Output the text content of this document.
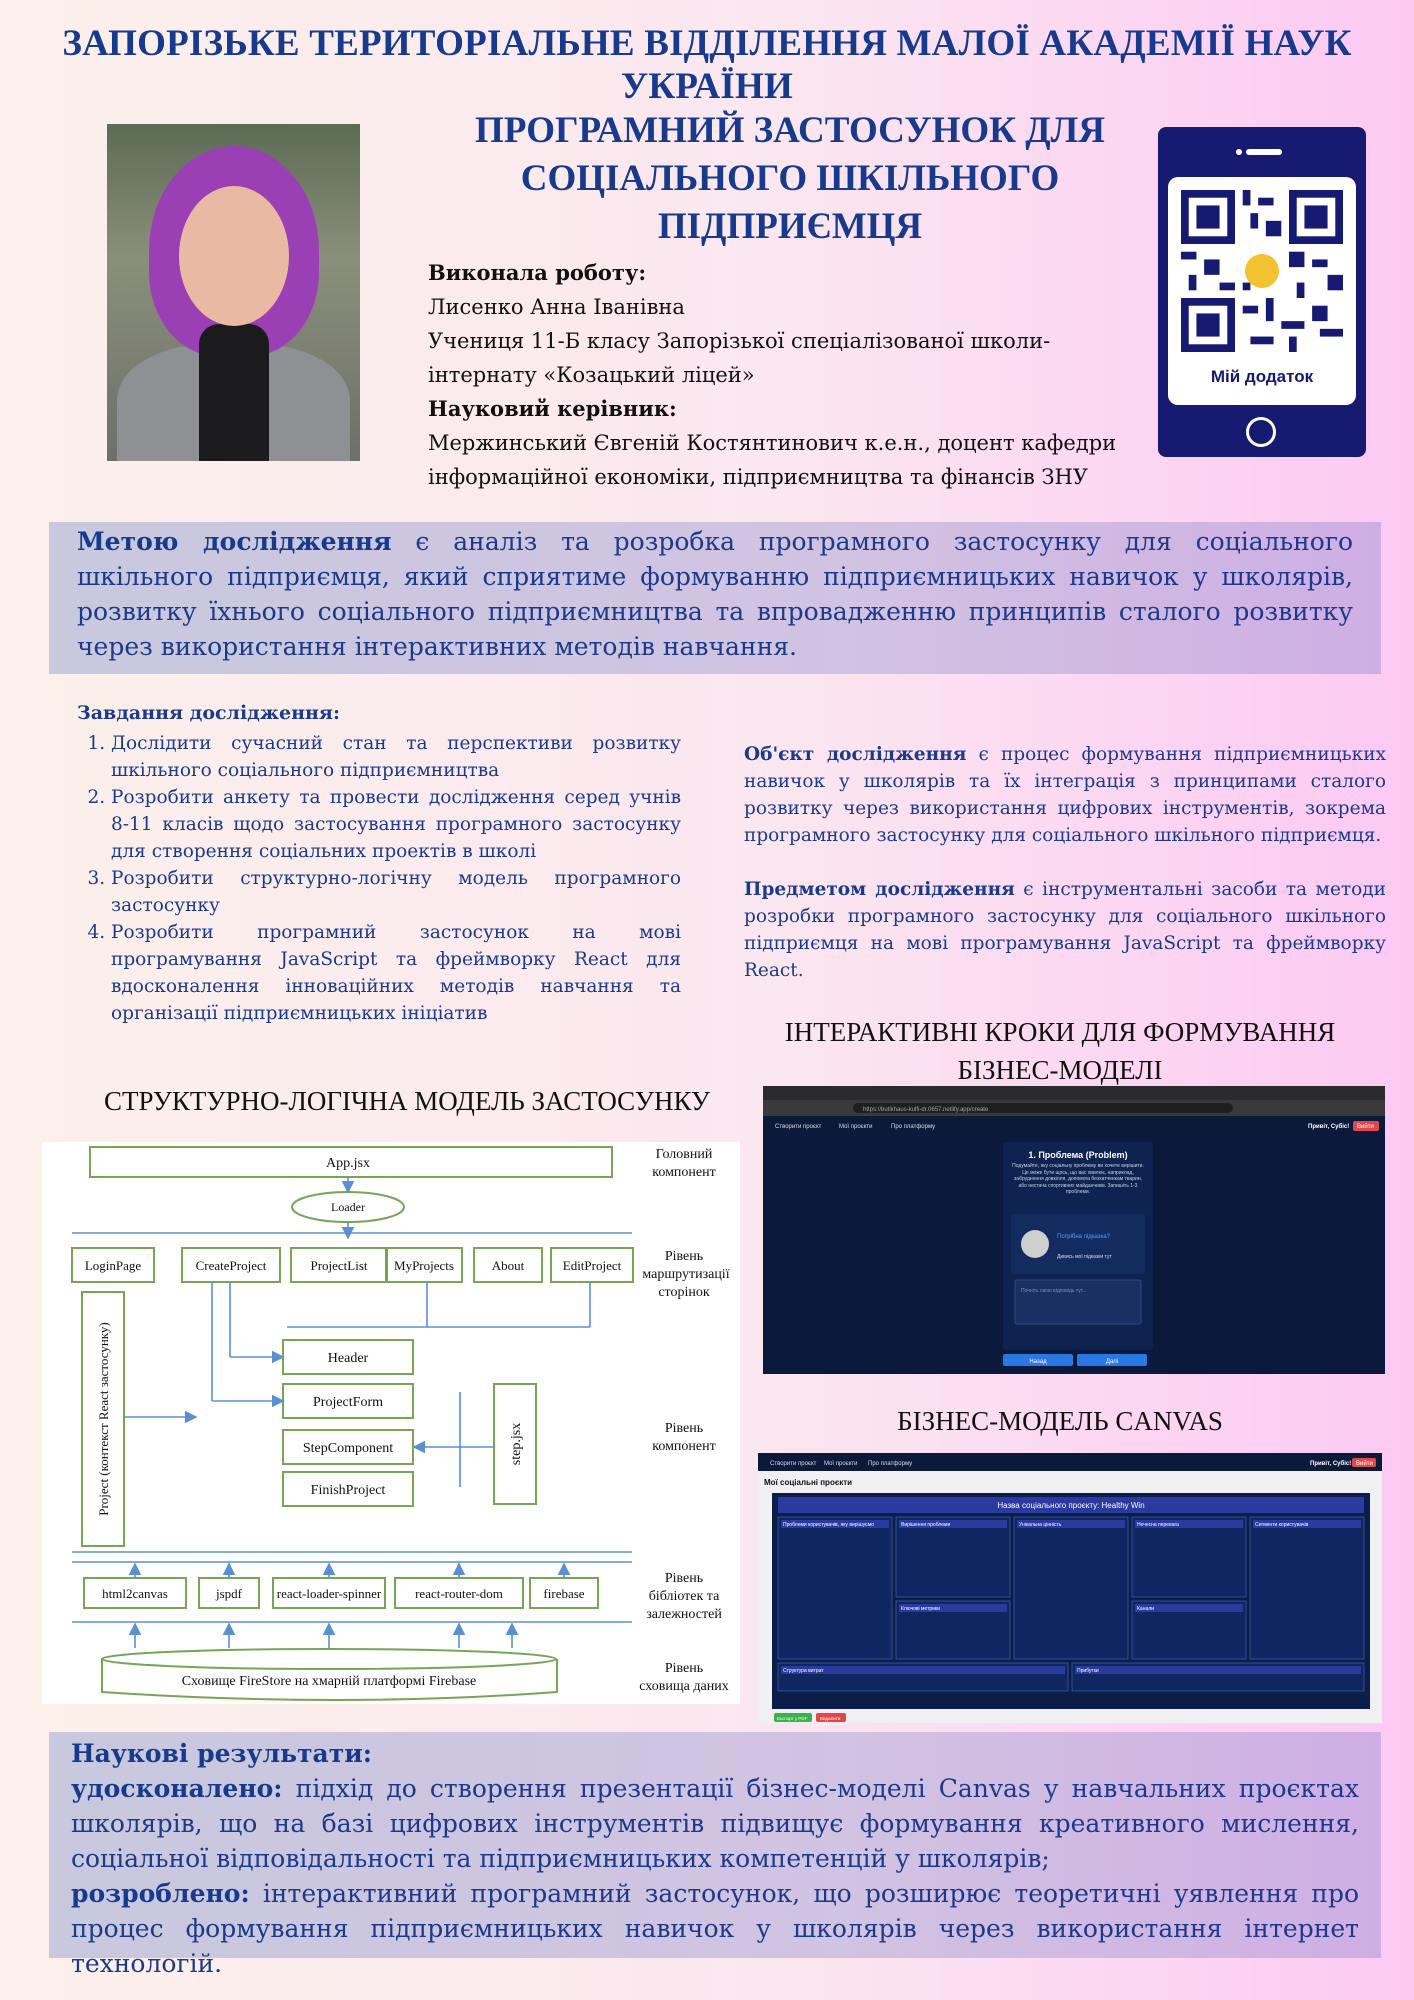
ЗАПОРІЗЬКЕ ТЕРИТОРІАЛЬНЕ ВІДДІЛЕННЯ МАЛОЇ АКАДЕМІЇ НАУК УКРАЇНИ
ПРОГРАМНИЙ ЗАСТОСУНОК ДЛЯ
СОЦІАЛЬНОГО ШКІЛЬНОГО
ПІДПРИЄМЦЯ
Виконала роботу:
Лисенко Анна Іванівна
Учениця 11-Б класу Запорізької спеціалізованої школи-
інтернату «Козацький ліцей»
Науковий керівник:
Мержинський Євгеній Костянтинович к.е.н., доцент кафедри
інформаційної економіки, підприємництва та фінансів ЗНУ
Мій додаток

Метою дослідження є аналіз та розробка програмного застосунку для соціального шкільного підприємця, який сприятиме формуванню підприємницьких навичок у школярів, розвитку їхнього соціального підприємництва та впровадженню принципів сталого розвитку через використання інтерактивних методів навчання.

Завдання дослідження:
1. Дослідити сучасний стан та перспективи розвитку шкільного соціального підприємництва
2. Розробити анкету та провести дослідження серед учнів 8-11 класів щодо застосування програмного застосунку для створення соціальних проектів в школі
3. Розробити структурно-логічну модель програмного застосунку
4. Розробити програмний застосунок на мові програмування JavaScript та фреймворку React для вдосконалення інноваційних методів навчання та організації підприємницьких ініціатив

Об'єкт дослідження є процес формування підприємницьких навичок у школярів та їх інтеграція з принципами сталого розвитку через використання цифрових інструментів, зокрема програмного застосунку для соціального шкільного підприємця.

Предметом дослідження є інструментальні засоби та методи розробки програмного застосунку для соціального шкільного підприємця на мові програмування JavaScript та фреймворку React.

ІНТЕРАКТИВНІ КРОКИ ДЛЯ ФОРМУВАННЯ
БІЗНЕС-МОДЕЛІ
СТРУКТУРНО-ЛОГІЧНА МОДЕЛЬ ЗАСТОСУНКУ
БІЗНЕС-МОДЕЛЬ CANVAS
App.jsx
Loader
LoginPage	CreateProject	ProjectList MyProjects	About	EditProject
Header
ProjectForm
StepComponent
FinishProject
step.jsx
Project (контекст React застосунку)
html2canvas	jspdf	react-loader-spinner	react-router-dom	firebase
Сховище FireStore на хмарній платформі Firebase
Головний
компонент
Рівень
маршрутизації
сторінок
Рівень
компонент
Рівень
бібліотек та
залежностей
Рівень
сховища даних
https://butikhaus-kulfi-dr.0657.netlify.app/create
Створити проєкт	Мої проєкти	Про платформу	Привіт, Субіс! Вийти
1. Проблема (Problem)
Подумайте, яку соціальну проблему ви хочете вирішити. Це може бути щось, що вас хвилює, наприклад, забруднення довкілля, допомога безхатченкам тварин, або нестача спортивних майданчиків. Запишіть 1-3 проблеми.
Потрібна підказка?
Дивись мої підказки тут
Почніть свою відповідь тут...
Назад	Далі
Створити проєкт Мої проєкти Про платформу	Привіт, Субіс! Вийти
Мої соціальні проєкти
Назва соціального проєкту: Healthy Win
Проблеми користувачів, яку вирішуємо	Вирішення проблеми	Унікальна цінність	Нечесна перевага	Сегменти користувачів
Ключові метрики	Канали
Структура витрат	Прибутки
Експорт у PDF	Видалити

Наукові результати:

удосконалено: підхід до створення презентації бізнес-моделі Canvas у навчальних проєктах школярів, що на базі цифрових інструментів підвищує формування креативного мислення, соціальної відповідальності та підприємницьких компетенцій у школярів;

розроблено: інтерактивний програмний застосунок, що розширює теоретичні уявлення про процес формування підприємницьких навичок у школярів через використання інтернет технологій.
